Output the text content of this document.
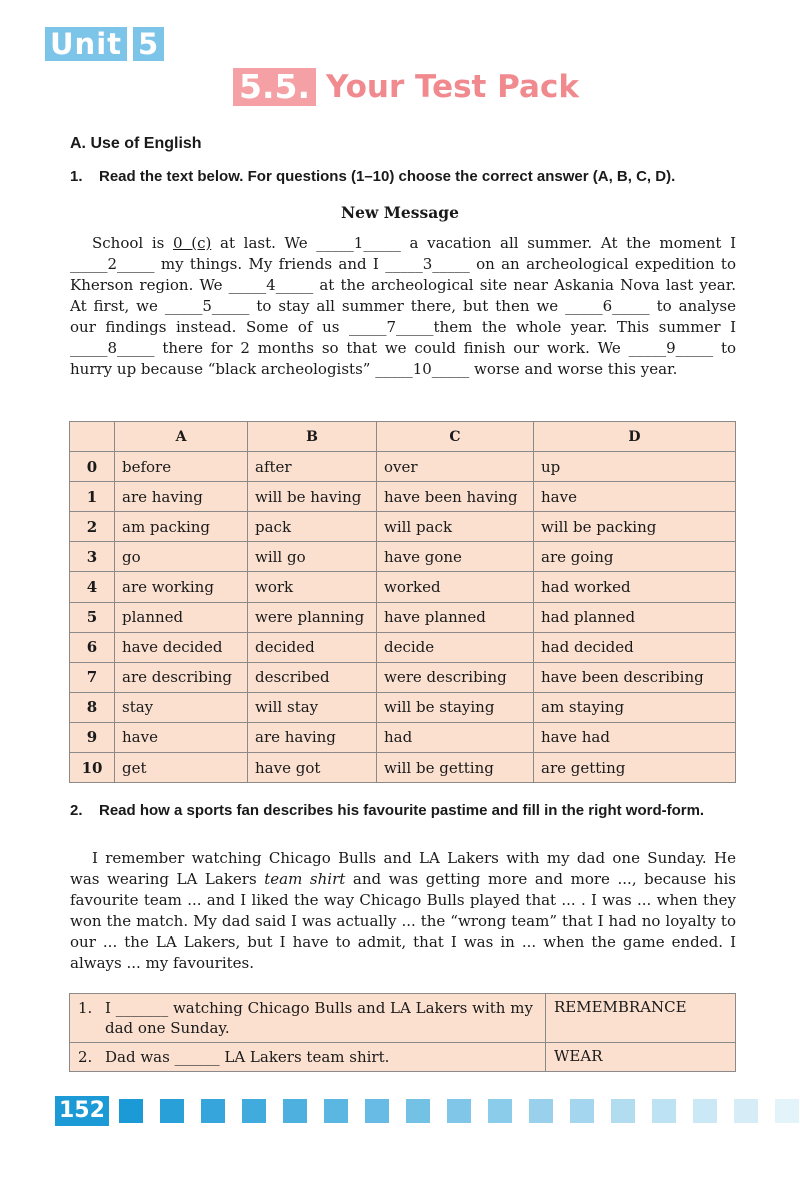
Unit 5
5.5. Your Test Pack
A. Use of English
1.	Read the text below. For questions (1–10) choose the correct answer (A, B, C, D).
New Message

School is 0 (c) at last. We _____1_____ a vacation all summer. At the moment I _____2_____ my things. My friends and I _____3_____ on an archeological expedition to Kherson region. We _____4_____ at the archeological site near Askania Nova last year. At first, we _____5_____ to stay all summer there, but then we _____6_____ to analyse our findings instead. Some of us _____7_____them the whole year. This summer I _____8_____ there for 2 months so that we could finish our work. We _____9_____ to hurry up because “black archeologists” _____10_____ worse and worse this year.

	A	B	C	D
0	before	after	over	up
1	are having	will be having	have been having	have
2	am packing	pack	will pack	will be packing
3	go	will go	have gone	are going
4	are working	work	worked	had worked
5	planned	were planning	have planned	had planned
6	have decided	decided	decide	had decided
7	are describing	described	were describing	have been describing
8	stay	will stay	will be staying	am staying
9	have	are having	had	have had
10	get	have got	will be getting	are getting
2.	Read how a sports fan describes his favourite pastime and fill in the right word-form.

I remember watching Chicago Bulls and LA Lakers with my dad one Sunday. He was wearing LA Lakers team shirt and was getting more and more ..., because his favourite team ... and I liked the way Chicago Bulls played that ... . I was ... when they won the match. My dad said I was actually ... the “wrong team” that I had no loyalty to our ... the LA Lakers, but I have to admit, that I was in ... when the game ended. I always ... my favourites.

1. I _______ watching Chicago Bulls and LA Lakers with my dad one Sunday.	REMEMBRANCE

2. Dad was ______ LA Lakers team shirt.	WEAR
152
